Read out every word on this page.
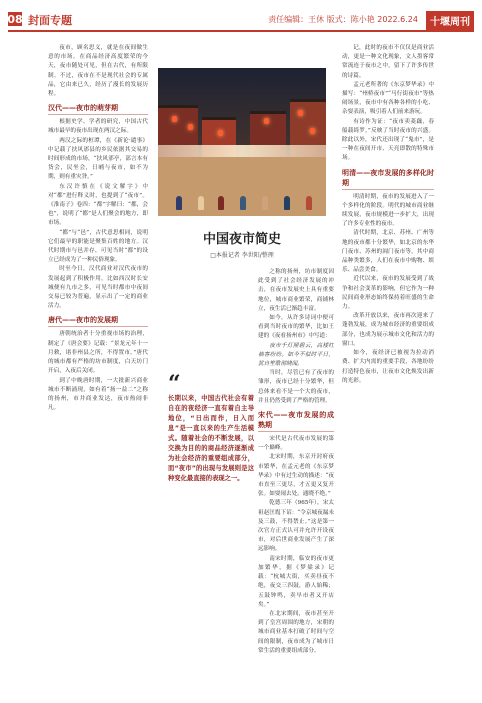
08 封面专题	责任编辑：王休 版式：陈小艳 2022.6.24	十堰周刊

夜市，顾名思义，就是在夜间做生意的市场。在商品经济高度繁荣的今天，夜市随处可见，但在古代，有所限制。不过，夜市在不是现代社会的专属品，它由来已久，经历了漫长的发展历程。

汉代——夜市的萌芽期

根据史学、学者的研究，中国古代城市最早的夜市出现在两汉之际。

两汉之际的桓谭，在《新论·谴事》中记载了扶风邠县的乡民依据其交易的时间形成的市场，“扶风邠亭，部言本有货会，民坐会，日晡与夜市，如不为期，则有重灾咎。”

东汉许慎在《说文解字》中对“都”进行释义时，也提到了“夜市”。《淮南子》卷四：“都”字解曰：“都，会也”，说明了“都”是人们聚会的地方，即市场。

“都”与“邑”，古代意思相同，说明它们最早的职能是聚集百姓的地方。汉代时期市与邑并存，可见当时“都”的设立已经成为了一种民俗现象。

时至今日，汉代商业对汉代夜市的发展起到了积极作用，比如西汉时长安城便有九市之多，可见当时都市中夜间交易已较为普遍，显示出了一定的商业活力。

唐代——夜市的发展期

唐朝统治者十分重视市场的治理，制定了《唐会要》记载：“景龙元年十一月敕，诸非州县之所，不得置市。”唐代的城市都有严格的坊市制度，白天坊门开启，入夜后关闭。

到了中晚唐时期，一大批新兴商业城市不断涌现，如有着“扬一益二”之称的扬州，市井商业发达，夜市热闹非凡。

中国夜市简史
□本报记者 李世阳/整理
“
长期以来，中国古代社会有着自在的夜经济一直有着自主导地位，“日出而作，日入而息”是一直以来的生产生活模式。随着社会的不断发展，以交换为目的的商品经济逐渐成为社会经济的重要组成部分，而“夜市”的出现与发展则是这种变化最直接的表现之一。

之称的扬州，坊市制度因此受到了社会经济发展的冲击，在夜市发展史上具有重要地位，城市商业繁荣，商铺林立，夜生活已渐趋丰富。

如今，从许多诗词中便可看到当时夜市的繁华，比如王建的《夜看扬州市》中写道：

夜市千灯照碧云，高楼红袖客纷纷。如今不似时平日，犹自笙歌彻晓闻。

当时，尽管已有了夜市的雏形，夜市已经十分繁华，但总体来看不是一个大的夜市，并且仍然受到了严格的管理。

宋代——夜市发展的成熟期

宋代是古代夜市发展的第一个巅峰。

北宋时期，东京开封府夜市繁华，在孟元老的《东京梦华录》中有过生动的描述：“夜市直至三更尽，才五更又复开张。如耍闹去处，通晓不绝。”

乾德三年（965年），宋太祖赵匡胤下诏：“令京城夜漏未及三鼓，不得禁止。”这是第一次官方正式认可并允许开设夜市，对后世商业发展产生了深远影响。

南宋时期，临安的夜市更加繁华，据《梦粱录》记载：“杭城大街，买卖昼夜不绝，夜交三四鼓，游人始稀；五鼓钟鸣，卖早市者又开店矣。”

在北宋期间，夜市甚至开到了皇宫周围的地方，宋朝的城市商业基本打破了时间与空间的限制，夜市成为了城市日常生活的重要组成部分。

记，此时的夜市不仅仅是商业活动，更是一种文化现象，文人墨客常常流连于夜市之中，留下了许多传世的诗篇。

孟元老所著的《东京梦华录》中描写：“州桥夜市”“马行街夜市”等热闹场景，夜市中有各种各样的小吃、杂耍表演，吸引着人们前来游玩。

有诗作为证：“夜市卖菱藕，春船载绮罗。”反映了当时夜市的兴盛。除此以外，宋代还出现了“鬼市”，是一种在夜间开市、天亮即散的特殊市场。

明清——夜市发展的多样化时期

明清时期，夜市的发展进入了一个多样化的阶段。明代的城市商业继续发展，夜市规模进一步扩大，出现了许多专业性的夜市。

清代时期，北京、苏州、广州等地的夜市都十分繁华，如北京的东华门夜市、苏州的阊门夜市等，其中商品种类繁多，人们在夜市中购物、娱乐、品尝美食。

近代以来，夜市的发展受到了战争和社会变革的影响，但它作为一种民间商业形态始终保持着旺盛的生命力。

改革开放以来，夜市再次迎来了蓬勃发展，成为城市经济的重要组成部分，也成为展示城市文化和活力的窗口。

如今，夜经济已被视为拉动消费、扩大内需的重要手段，各地纷纷打造特色夜市，让夜市文化焕发出新的光彩。
